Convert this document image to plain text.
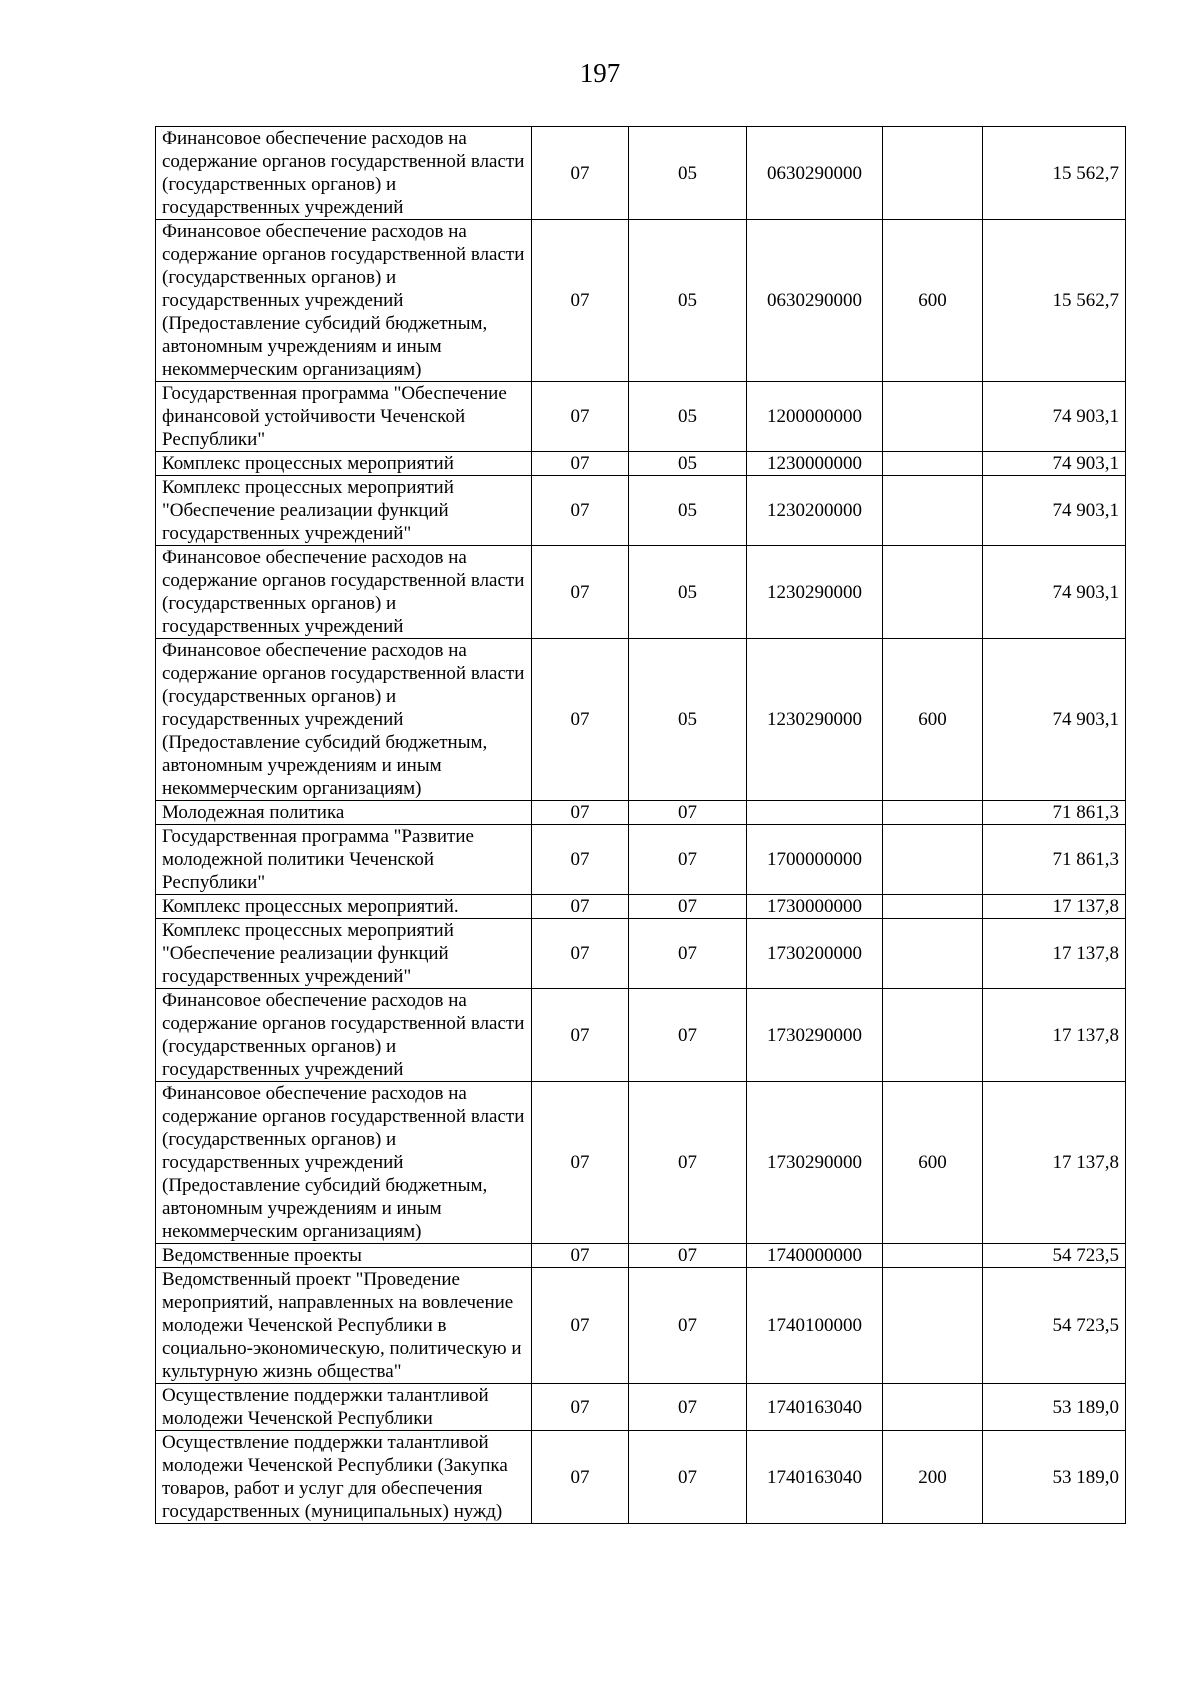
197
Финансовое обеспечение расходов на содержание органов государственной власти (государственных органов) и государственных учреждений	07	05	0630290000		15 562,7
Финансовое обеспечение расходов на содержание органов государственной власти (государственных органов) и государственных учреждений (Предоставление субсидий бюджетным, автономным учреждениям и иным некоммерческим организациям)	07	05	0630290000	600	15 562,7
Государственная программа "Обеспечение финансовой устойчивости Чеченской Республики"	07	05	1200000000		74 903,1
Комплекс процессных мероприятий	07	05	1230000000		74 903,1
Комплекс процессных мероприятий "Обеспечение реализации функций государственных учреждений"	07	05	1230200000		74 903,1
Финансовое обеспечение расходов на содержание органов государственной власти (государственных органов) и государственных учреждений	07	05	1230290000		74 903,1
Финансовое обеспечение расходов на содержание органов государственной власти (государственных органов) и государственных учреждений (Предоставление субсидий бюджетным, автономным учреждениям и иным некоммерческим организациям)	07	05	1230290000	600	74 903,1
Молодежная политика	07	07			71 861,3
Государственная программа "Развитие молодежной политики Чеченской Республики"	07	07	1700000000		71 861,3
Комплекс процессных мероприятий.	07	07	1730000000		17 137,8
Комплекс процессных мероприятий "Обеспечение реализации функций государственных учреждений"	07	07	1730200000		17 137,8
Финансовое обеспечение расходов на содержание органов государственной власти (государственных органов) и государственных учреждений	07	07	1730290000		17 137,8
Финансовое обеспечение расходов на содержание органов государственной власти (государственных органов) и государственных учреждений (Предоставление субсидий бюджетным, автономным учреждениям и иным некоммерческим организациям)	07	07	1730290000	600	17 137,8
Ведомственные проекты	07	07	1740000000		54 723,5
Ведомственный проект "Проведение мероприятий, направленных на вовлечение молодежи Чеченской Республики в социально-экономическую, политическую и культурную жизнь общества"	07	07	1740100000		54 723,5
Осуществление поддержки талантливой молодежи Чеченской Республики	07	07	1740163040		53 189,0
Осуществление поддержки талантливой молодежи Чеченской Республики (Закупка товаров, работ и услуг для обеспечения государственных (муниципальных) нужд)	07	07	1740163040	200	53 189,0
